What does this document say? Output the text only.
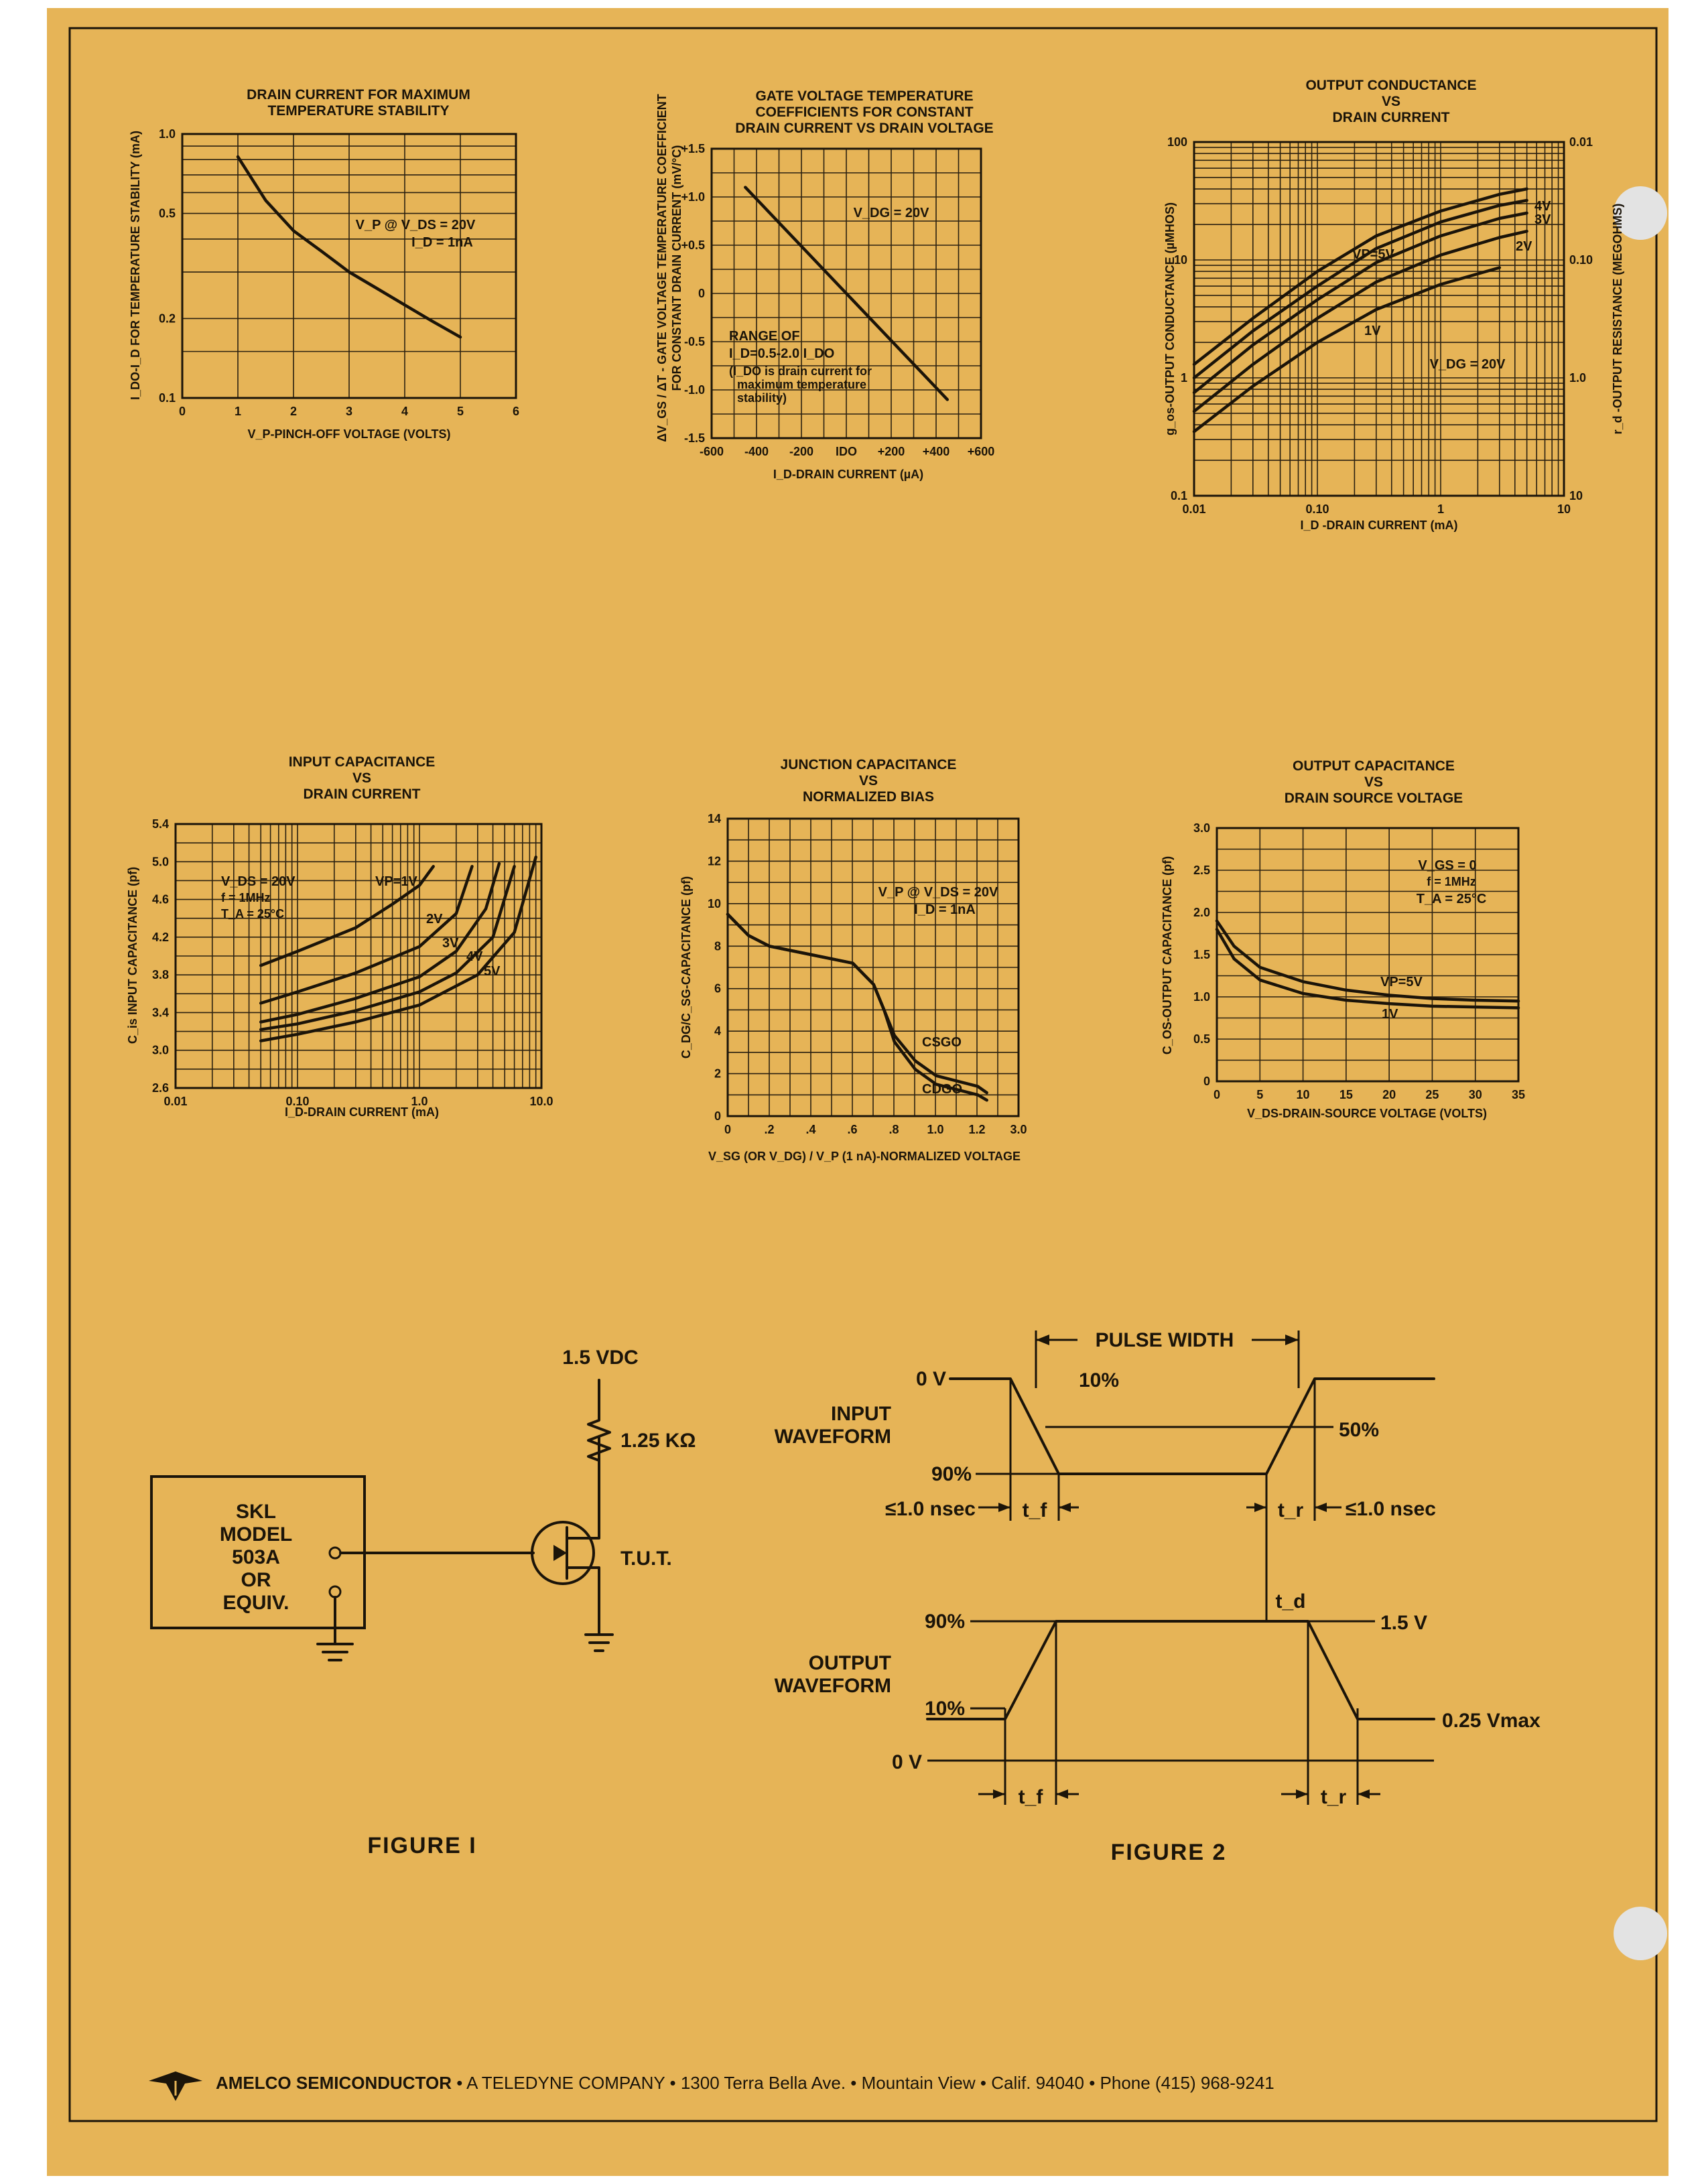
0	1	2	3	4	5	6
1.0
0.5
0.2
0.1
DRAIN CURRENT FOR MAXIMUM
TEMPERATURE STABILITY
V_P-PINCH-OFF VOLTAGE (VOLTS)
I_DO-I_D FOR TEMPERATURE STABILITY (mA)	V_P @ V_DS = 20V
I_D = 1nA
-600 -400 -200 IDO +200 +400 +600
+1.5
+1.0
+0.5
0
-0.5
-1.0
-1.5
GATE VOLTAGE TEMPERATURE
COEFFICIENTS FOR CONSTANT
DRAIN CURRENT VS DRAIN VOLTAGE
I_D-DRAIN CURRENT (µA)
ΔV_GS / ΔT - GATE VOLTAGE TEMPERATURE COEFFICIENT FOR CONSTANT DRAIN CURRENT (mV/°C)	V_DG = 20V
RANGE OF
I_D=0.5-2.0 I_DO
(I_DO is drain current for
maximum temperature
stability)
4V
3V
VP=5V
2V
1V
0.01	0.10	1	10
100
10
1
0.1
0.01
0.10
1.0
10
OUTPUT CONDUCTANCE
VS
DRAIN CURRENT
I_D -DRAIN CURRENT (mA)
g_os-OUTPUT CONDUCTANCE (µMHOS)	r_d -OUTPUT RESISTANCE (MEGOHMS)
V_DG = 20V
VP=1V
2V
3V
4V
5V
0.01	0.10	1.0	10.0
5.4
5.0
4.6
4.2
3.8
3.4
3.0
2.6
INPUT CAPACITANCE
VS
DRAIN CURRENT
I_D-DRAIN CURRENT (mA)
C_is INPUT CAPACITANCE (pf)	V_DS = 20V
f = 1MHz
T_A = 25°C
CSGO
CDGO
0	.2	.4	.6	.8 1.0 1.2 3.0
14
12
10
8
6
4
2
0
JUNCTION CAPACITANCE
VS
NORMALIZED BIAS
V_SG (OR V_DG) / V_P (1 nA)-NORMALIZED VOLTAGE
C_DG/C_SG-CAPACITANCE (pf)	V_P @ V_DS = 20V
I_D = 1nA
VP=5V
1V
0	5	10 15 20 25 30 35
3.0
2.5
2.0
1.5
1.0
0.5
0
OUTPUT CAPACITANCE
VS
DRAIN SOURCE VOLTAGE
V_DS-DRAIN-SOURCE VOLTAGE (VOLTS)
C_OS-OUTPUT CAPACITANCE (pf)	V_GS = 0
f = 1MHz
T_A = 25°C
SKL
MODEL
503A
OR
EQUIV.
1.5 VDC
1.25 KΩ
T.U.T.
FIGURE I
PULSE WIDTH
0 V	10%
50%
90%
INPUT
WAVEFORM
≤1.0 nsec t_f	t_r ≤1.0 nsec
t_d
90%	1.5 V
10%
0.25 Vmax
0 V
OUTPUT
WAVEFORM
t_f	t_r
FIGURE 2
AMELCO SEMICONDUCTOR • A TELEDYNE COMPANY • 1300 Terra Bella Ave. • Mountain View • Calif. 94040 • Phone (415) 968-9241
